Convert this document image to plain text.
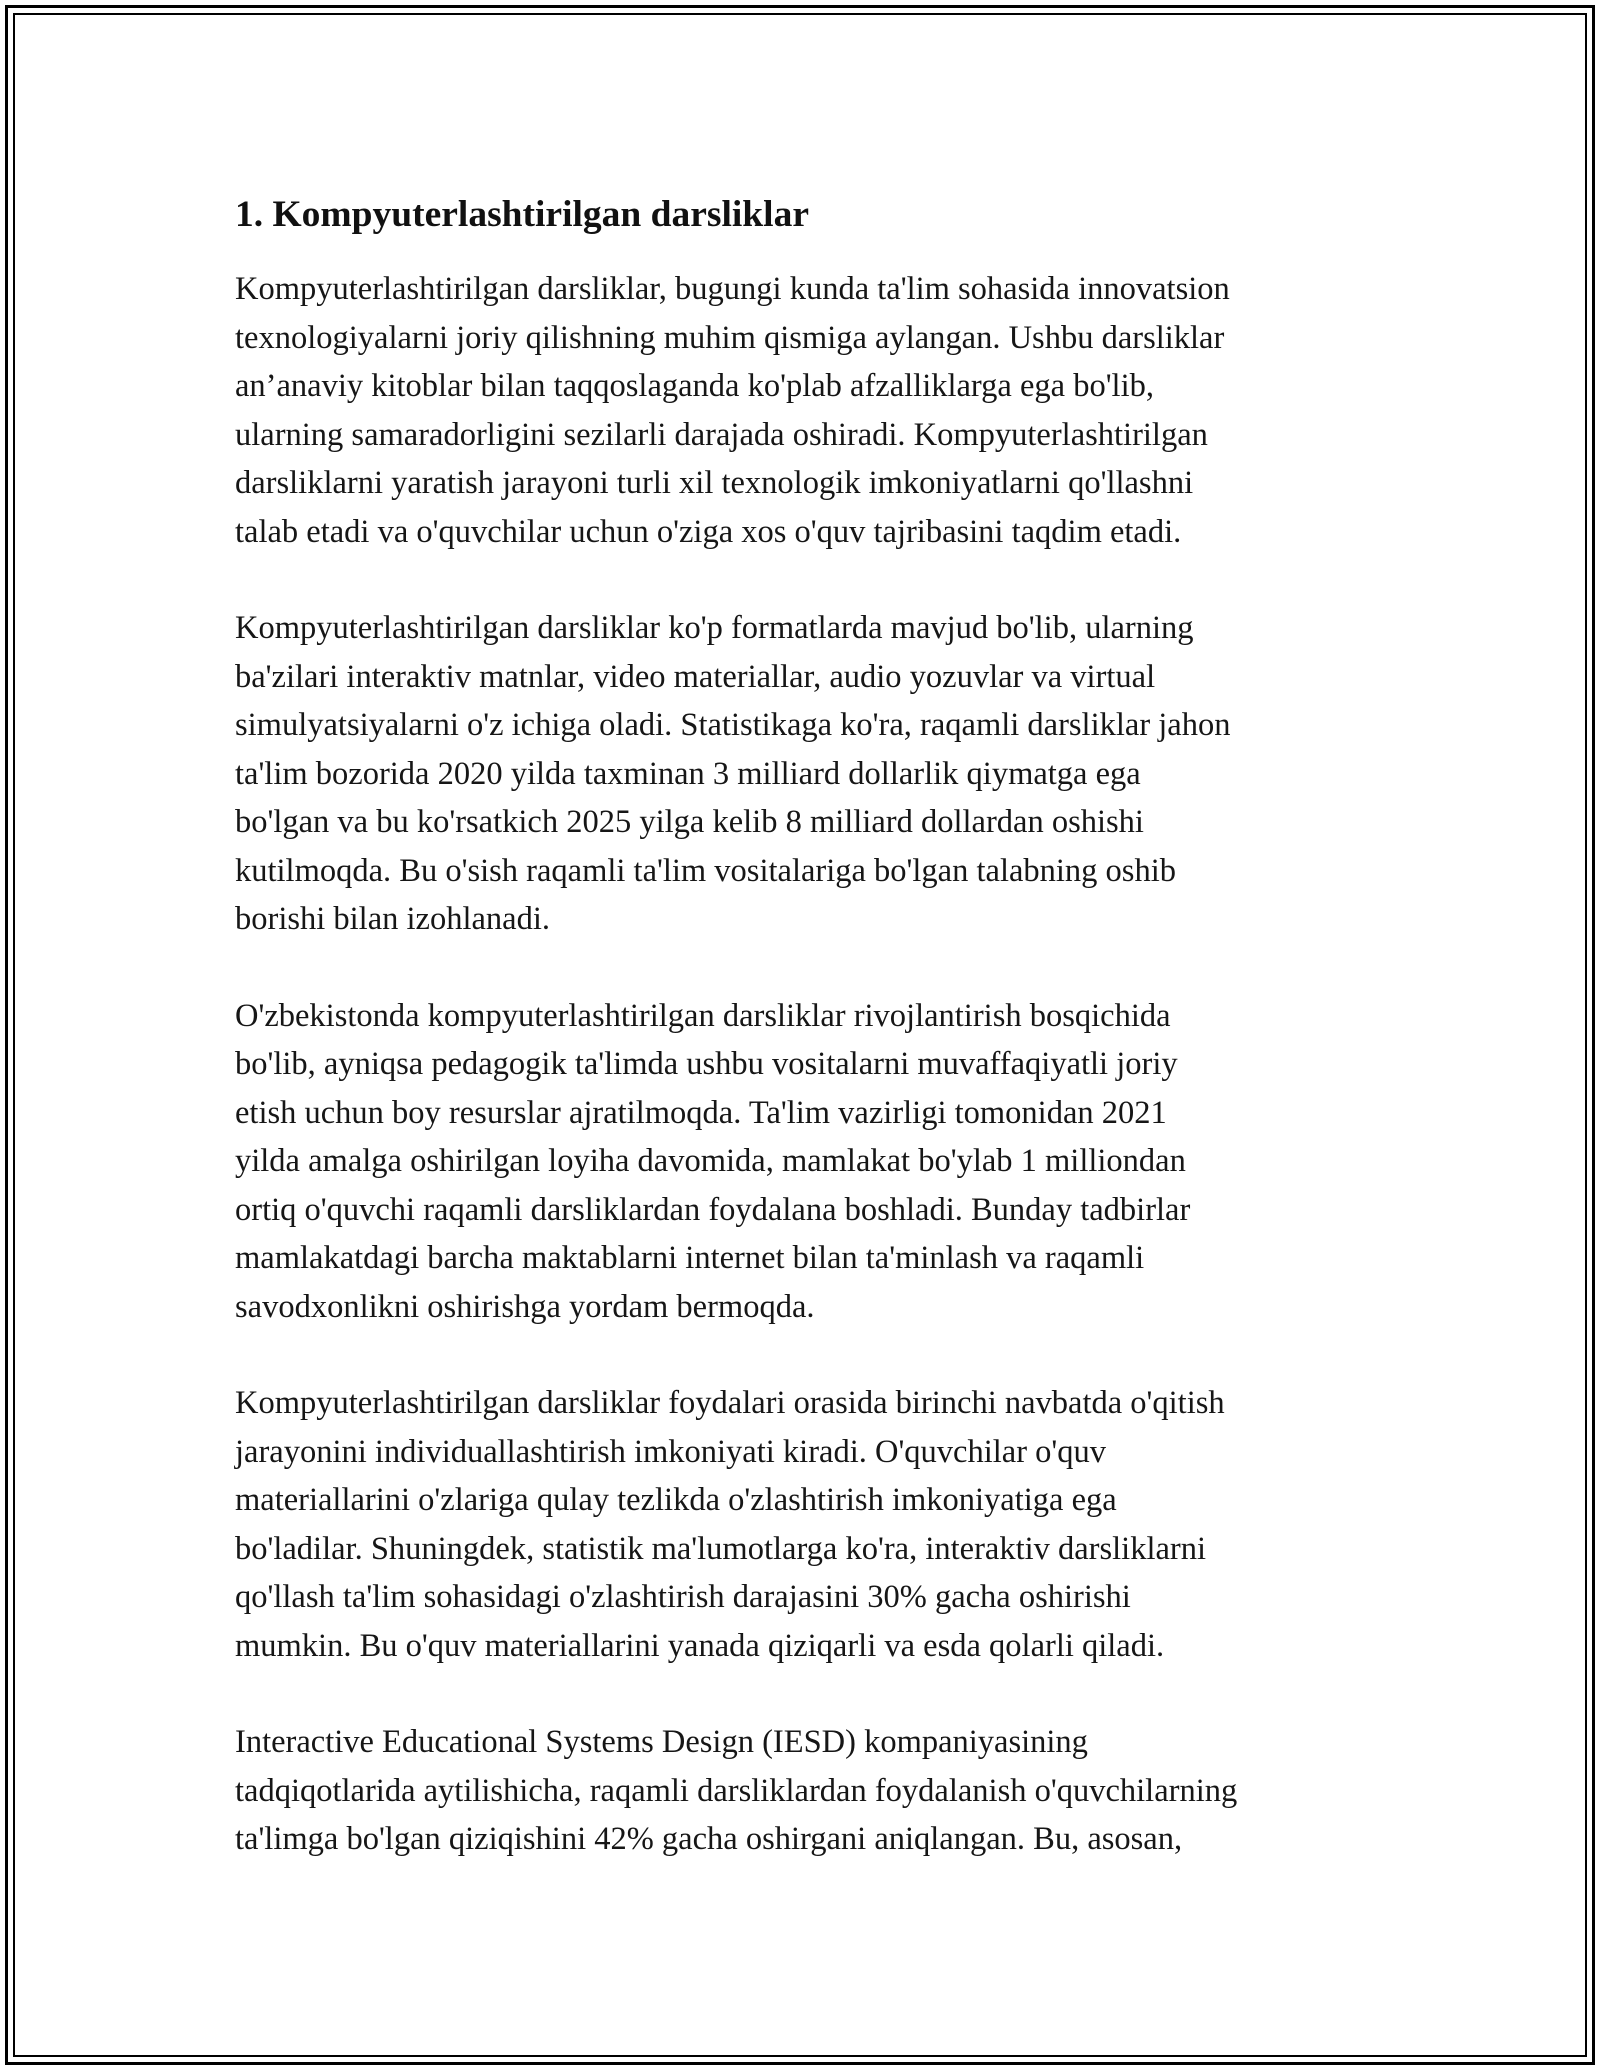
1. Kompyuterlashtirilgan darsliklar

Kompyuterlashtirilgan darsliklar, bugungi kunda ta'lim sohasida innovatsion
texnologiyalarni joriy qilishning muhim qismiga aylangan. Ushbu darsliklar
an’anaviy kitoblar bilan taqqoslaganda ko'plab afzalliklarga ega bo'lib,
ularning samaradorligini sezilarli darajada oshiradi. Kompyuterlashtirilgan
darsliklarni yaratish jarayoni turli xil texnologik imkoniyatlarni qo'llashni
talab etadi va o'quvchilar uchun o'ziga xos o'quv tajribasini taqdim etadi.

Kompyuterlashtirilgan darsliklar ko'p formatlarda mavjud bo'lib, ularning
ba'zilari interaktiv matnlar, video materiallar, audio yozuvlar va virtual
simulyatsiyalarni o'z ichiga oladi. Statistikaga ko'ra, raqamli darsliklar jahon
ta'lim bozorida 2020 yilda taxminan 3 milliard dollarlik qiymatga ega
bo'lgan va bu ko'rsatkich 2025 yilga kelib 8 milliard dollardan oshishi
kutilmoqda. Bu o'sish raqamli ta'lim vositalariga bo'lgan talabning oshib
borishi bilan izohlanadi.

O'zbekistonda kompyuterlashtirilgan darsliklar rivojlantirish bosqichida
bo'lib, ayniqsa pedagogik ta'limda ushbu vositalarni muvaffaqiyatli joriy
etish uchun boy resurslar ajratilmoqda. Ta'lim vazirligi tomonidan 2021
yilda amalga oshirilgan loyiha davomida, mamlakat bo'ylab 1 milliondan
ortiq o'quvchi raqamli darsliklardan foydalana boshladi. Bunday tadbirlar
mamlakatdagi barcha maktablarni internet bilan ta'minlash va raqamli
savodxonlikni oshirishga yordam bermoqda.

Kompyuterlashtirilgan darsliklar foydalari orasida birinchi navbatda o'qitish
jarayonini individuallashtirish imkoniyati kiradi. O'quvchilar o'quv
materiallarini o'zlariga qulay tezlikda o'zlashtirish imkoniyatiga ega
bo'ladilar. Shuningdek, statistik ma'lumotlarga ko'ra, interaktiv darsliklarni
qo'llash ta'lim sohasidagi o'zlashtirish darajasini 30% gacha oshirishi
mumkin. Bu o'quv materiallarini yanada qiziqarli va esda qolarli qiladi.

Interactive Educational Systems Design (IESD) kompaniyasining
tadqiqotlarida aytilishicha, raqamli darsliklardan foydalanish o'quvchilarning
ta'limga bo'lgan qiziqishini 42% gacha oshirgani aniqlangan. Bu, asosan,
